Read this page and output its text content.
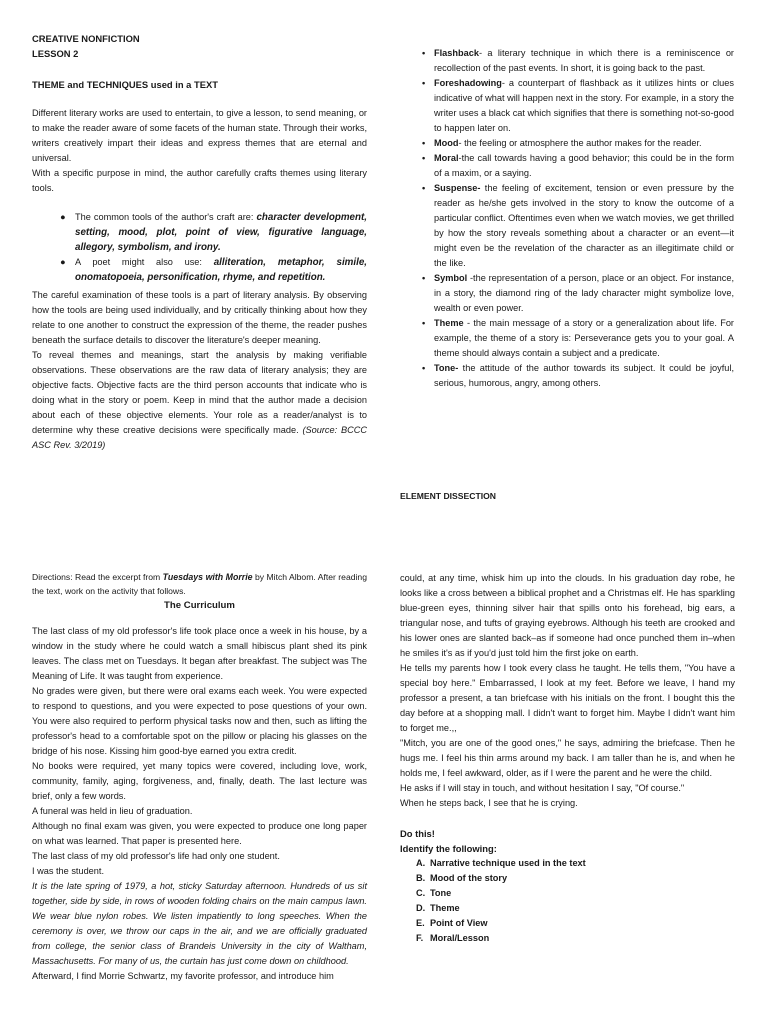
CREATIVE NONFICTION

LESSON 2

THEME and TECHNIQUES used in a TEXT

Different literary works are used to entertain, to give a lesson, to send meaning, or to make the reader aware of some facets of the human state. Through their works, writers creatively impart their ideas and express themes that are eternal and universal.

With a specific purpose in mind, the author carefully crafts themes using literary tools.

● The common tools of the author's craft are: character development, setting, mood, plot, point of view, figurative language, allegory, symbolism, and irony.
● A poet might also use: alliteration, metaphor, simile, onomatopoeia, personification, rhyme, and repetition.

The careful examination of these tools is a part of literary analysis. By observing how the tools are being used individually, and by critically thinking about how they relate to one another to construct the expression of the theme, the reader pushes beneath the surface details to discover the literature's deeper meaning.

To reveal themes and meanings, start the analysis by making verifiable observations. These observations are the raw data of literary analysis; they are objective facts. Objective facts are the third person accounts that indicate who is doing what in the story or poem. Keep in mind that the author made a decision about each of these objective elements. Your role as a reader/analyst is to determine why these creative decisions were specifically made. (Source: BCCC ASC Rev. 3/2019)

• Flashback- a literary technique in which there is a reminiscence or recollection of the past events. In short, it is going back to the past.
• Foreshadowing- a counterpart of flashback as it utilizes hints or clues indicative of what will happen next in the story. For example, in a story the writer uses a black cat which signifies that there is something not-so-good to happen later on.
• Mood- the feeling or atmosphere the author makes for the reader.
• Moral-the call towards having a good behavior; this could be in the form of a maxim, or a saying.
• Suspense- the feeling of excitement, tension or even pressure by the reader as he/she gets involved in the story to know the outcome of a particular conflict. Oftentimes even when we watch movies, we get thrilled by how the story reveals something about a character or an event—it might even be the revelation of the character as an illegitimate child or the like.
• Symbol -the representation of a person, place or an object. For instance, in a story, the diamond ring of the lady character might symbolize love, wealth or even power.
• Theme - the main message of a story or a generalization about life. For example, the theme of a story is: Perseverance gets you to your goal. A theme should always contain a subject and a predicate.
• Tone- the attitude of the author towards its subject. It could be joyful, serious, humorous, angry, among others.

ELEMENT DISSECTION

Directions: Read the excerpt from Tuesdays with Morrie by Mitch Albom. After reading the text, work on the activity that follows.

The Curriculum

The last class of my old professor's life took place once a week in his house, by a window in the study where he could watch a small hibiscus plant shed its pink leaves. The class met on Tuesdays. It began after breakfast. The subject was The Meaning of Life. It was taught from experience.

No grades were given, but there were oral exams each week. You were expected to respond to questions, and you were expected to pose questions of your own. You were also required to perform physical tasks now and then, such as lifting the professor's head to a comfortable spot on the pillow or placing his glasses on the bridge of his nose. Kissing him good-bye earned you extra credit.

No books were required, yet many topics were covered, including love, work, community, family, aging, forgiveness, and, finally, death. The last lecture was brief, only a few words.

A funeral was held in lieu of graduation.

Although no final exam was given, you were expected to produce one long paper on what was learned. That paper is presented here.

The last class of my old professor's life had only one student.

I was the student.

It is the late spring of 1979, a hot, sticky Saturday afternoon. Hundreds of us sit together, side by side, in rows of wooden folding chairs on the main campus lawn. We wear blue nylon robes. We listen impatiently to long speeches. When the ceremony is over, we throw our caps in the air, and we are officially graduated from college, the senior class of Brandeis University in the city of Waltham, Massachusetts. For many of us, the curtain has just come down on childhood.

Afterward, I find Morrie Schwartz, my favorite professor, and introduce him

could, at any time, whisk him up into the clouds. In his graduation day robe, he looks like a cross between a biblical prophet and a Christmas elf. He has sparkling blue-green eyes, thinning silver hair that spills onto his forehead, big ears, a triangular nose, and tufts of graying eyebrows. Although his teeth are crooked and his lower ones are slanted back–as if someone had once punched them in–when he smiles it's as if you'd just told him the first joke on earth.

He tells my parents how I took every class he taught. He tells them, "You have a special boy here." Embarrassed, I look at my feet. Before we leave, I hand my professor a present, a tan briefcase with his initials on the front. I bought this the day before at a shopping mall. I didn't want to forget him. Maybe I didn't want him to forget me.,,

"Mitch, you are one of the good ones," he says, admiring the briefcase. Then he hugs me. I feel his thin arms around my back. I am taller than he is, and when he holds me, I feel awkward, older, as if I were the parent and he were the child.

He asks if I will stay in touch, and without hesitation I say, "Of course."

When he steps back, I see that he is crying.

Do this!

Identify the following:

A. Narrative technique used in the text
B. Mood of the story
C. Tone
D. Theme
E. Point of View
F. Moral/Lesson
